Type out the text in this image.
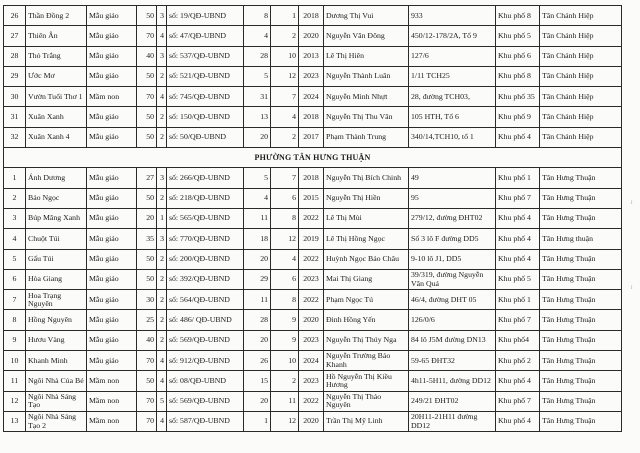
26	Thần Đồng 2	Mẫu giáo	50	3	số: 19/QĐ-UBND	8	1	2018	Dương Thị Vui	933	Khu phố 8	Tân Chánh Hiệp
27	Thiên Ân	Mẫu giáo	70	4	số: 47/QĐ-UBND	4	2	2020	Nguyễn Văn Đông	450/12-178/2A, Tổ 9	Khu phố 5	Tân Chánh Hiệp
28	Thỏ Trắng	Mẫu giáo	40	3	số: 537/QĐ-UBND	28	10	2013	Lê Thị Hiên	127/6	Khu phố 6	Tân Chánh Hiệp
29	Ước Mơ	Mẫu giáo	50	2	số: 521/QĐ-UBND	5	12	2023	Nguyễn Thành Luân	1/11 TCH25	Khu phố 8	Tân Chánh Hiệp
30	Vườn Tuổi Thơ 1	Mầm non	70	4	số: 745/QĐ-UBND	31	7	2024	Nguyễn Minh Nhựt	28, đường TCH03,	Khu phố 35	Tân Chánh Hiệp
31	Xuân Xanh	Mẫu giáo	50	2	số: 150/QĐ-UBND	13	4	2018	Nguyễn Thị Thu Vân	105 HTH, Tổ 6	Khu phố 9	Tân Chánh Hiệp
32	Xuân Xanh 4	Mẫu giáo	50	2	số: 50/QĐ-UBND	20	2	2017	Phạm Thành Trung	340/14,TCH10, tổ 1	Khu phố 4	Tân Chánh Hiệp
PHƯỜNG TÂN HƯNG THUẬN												
1	Ánh Dương	Mẫu giáo	27	3	số: 266/QĐ-UBND	5	7	2018	Nguyễn Thị Bích Chinh	49	Khu phố 1	Tân Hưng Thuận
2	Bảo Ngọc	Mẫu giáo	50	2	số: 218/QĐ-UBND	4	6	2015	Nguyễn Thị Hiền	95	Khu phố 7	Tân Hưng Thuận
3	Búp Măng Xanh	Mẫu giáo	20	1	số: 565/QĐ-UBND	11	8	2022	Lê Thị Mùi	279/12, đường ĐHT02	Khu phố 4	Tân Hưng Thuận
4	Chuột Túi	Mẫu giáo	35	3	số: 770/QĐ-UBND	18	12	2019	Lê Thị Hồng Ngọc	Số 3 lô F đường DD5	Khu phố 4	Tân Hưng thuận
5	Gấu Túi	Mẫu giáo	50	2	số: 200/QĐ-UBND	20	4	2022	Huỳnh Ngọc Bảo Châu	9-10 lô J1, DD5	Khu phố 4	Tân Hưng Thuận
6	Hòa Giang	Mẫu giáo	50	2	số: 392/QĐ-UBND	29	6	2023	Mai Thị Giang	39/319, đường Nguyễn Văn Quá	Khu phố 5	Tân Hưng Thuận
7	Hoa Trạng Nguyên	Mẫu giáo	30	2	số: 564/QĐ-UBND	11	8	2022	Phạm Ngọc Tú	46/4, đường DHT 05	Khu phố 1	Tân Hưng Thuận
8	Hồng Nguyên	Mẫu giáo	25	2	số: 486/ QĐ-UBND	28	9	2020	Đinh Hồng Yến	126/0/6	Khu phố 7	Tân Hưng Thuận
9	Hươu Vàng	Mẫu giáo	40	2	số: 569/QĐ-UBND	20	9	2023	Nguyễn Thị Thúy Nga	84 lô J5M đường DN13	Khu phố4	Tân Hưng Thuận
10	Khanh Minh	Mẫu giáo	70	4	số: 912/QĐ-UBND	26	10	2024	Nguyễn Trường Bảo Khanh	59-65 ĐHT32	Khu phố 2	Tân Hưng Thuận
11	Ngôi Nhà Của Bé	Mầm non	50	4	số: 08/QĐ-UBND	15	2	2023	Hồ Nguyễn Thị Kiều Hương	4h11-5H11, đường DD12	Khu phố 4	Tân Hưng Thuận
12	Ngôi Nhà Sáng Tạo	Mầm non	70	5	số: 569/QĐ-UBND	20	11	2022	Nguyễn Thị Thảo Nguyên	249/21 ĐHT02	Khu phố 7	Tân Hưng Thuận
13	Ngôi Nhà Sáng Tạo 2	Mầm non	70	4	số: 587/QĐ-UBND	1	12	2020	Trần Thị Mỹ Linh	20H11-21H11 đường DD12	Khu phố 4	Tân Hưng Thuận
⁞
⁞
